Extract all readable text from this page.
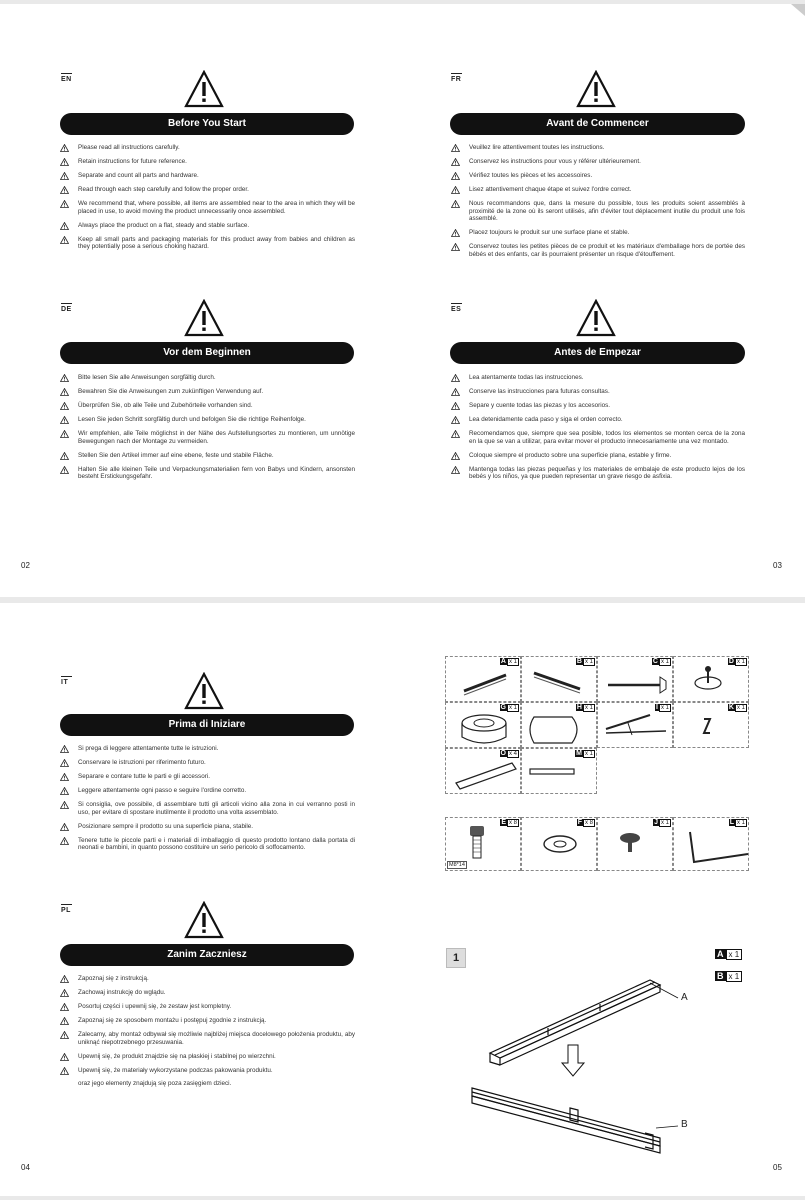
EN
Before You Start
Please read all instructions carefully.
Retain instructions for future reference.
Separate and count all parts and hardware.
Read through each step carefully and follow the proper order.
We recommend that, where possible, all items are assembled near to the area in which they will be placed in use, to avoid moving the product unnecessarily once assembled.
Always place the product on a flat, steady and stable surface.
Keep all small parts and packaging materials for this product away from babies and children as they potentially pose a serious choking hazard.
FR
Avant de Commencer
Veuillez lire attentivement toutes les instructions.
Conservez les instructions pour vous y référer ultérieurement.
Vérifiez toutes les pièces et les accessoires.
Lisez attentivement chaque étape et suivez l'ordre correct.
Nous recommandons que, dans la mesure du possible, tous les produits soient assemblés à proximité de la zone où ils seront utilisés, afin d'éviter tout déplacement inutile du produit une fois assemblé.
Placez toujours le produit sur une surface plane et stable.
Conservez toutes les petites pièces de ce produit et les matériaux d'emballage hors de portée des bébés et des enfants, car ils pourraient présenter un risque d'étouffement.
DE
Vor dem Beginnen
Bitte lesen Sie alle Anweisungen sorgfältig durch.
Bewahren Sie die Anweisungen zum zukünftigen Verwendung auf.
Überprüfen Sie, ob alle Teile und Zubehörteile vorhanden sind.
Lesen Sie jeden Schritt sorgfältig durch und befolgen Sie die richtige Reihenfolge.
Wir empfehlen, alle Teile möglichst in der Nähe des Aufstellungsortes zu montieren, um unnötige Bewegungen nach der Montage zu vermeiden.
Stellen Sie den Artikel immer auf eine ebene, feste und stabile Fläche.
Halten Sie alle kleinen Teile und Verpackungsmaterialien fern von Babys und Kindern, ansonsten besteht Erstickungsgefahr.
ES
Antes de Empezar
Lea atentamente todas las instrucciones.
Conserve las instrucciones para futuras consultas.
Separe y cuente todas las piezas y los accesorios.
Lea detenidamente cada paso y siga el orden correcto.
Recomendamos que, siempre que sea posible, todos los elementos se monten cerca de la zona en la que se van a utilizar, para evitar mover el producto innecesariamente una vez montado.
Coloque siempre el producto sobre una superficie plana, estable y firme.
Mantenga todas las piezas pequeñas y los materiales de embalaje de este producto lejos de los bebés y los niños, ya que pueden representar un grave riesgo de asfixia.
02	03
IT
Prima di Iniziare
Si prega di leggere attentamente tutte le istruzioni.
Conservare le istruzioni per riferimento futuro.
Separare e contare tutte le parti e gli accessori.
Leggere attentamente ogni passo e seguire l'ordine corretto.
Si consiglia, ove possibile, di assemblare tutti gli articoli vicino alla zona in cui verranno posti in uso, per evitare di spostare inutilmente il prodotto una volta assemblato.
Posizionare sempre il prodotto su una superficie piana, stabile.
Tenere tutte le piccole parti e i materiali di imballaggio di questo prodotto lontano dalla portata di neonati e bambini, in quanto possono costituire un serio pericolo di soffocamento.
PL
Zanim Zaczniesz
Zapoznaj się z instrukcją.
Zachowaj instrukcję do wglądu.
Posortuj części i upewnij się, że zestaw jest kompletny.
Zapoznaj się ze sposobem montażu i postępuj zgodnie z instrukcją.
Zalecamy, aby montaż odbywał się możliwie najbliżej miejsca docelowego położenia produktu, aby uniknąć niepotrzebnego przesuwania.
Upewnij się, że produkt znajdzie się na płaskiej i stabilnej po wierzchni.
Upewnij się, że materiały wykorzystane podczas pakowania produktu.
oraz jego elementy znajdują się poza zasięgiem dzieci.
1	A x 1
B x 1
A
B
04	05
A x 1	B x 1	C x 1	D x 1
G x 1	H x 1	I x 1	K x 1
O x 4	M x 1
E x 8
M8*14
F x 8	J x 1	L x 1
